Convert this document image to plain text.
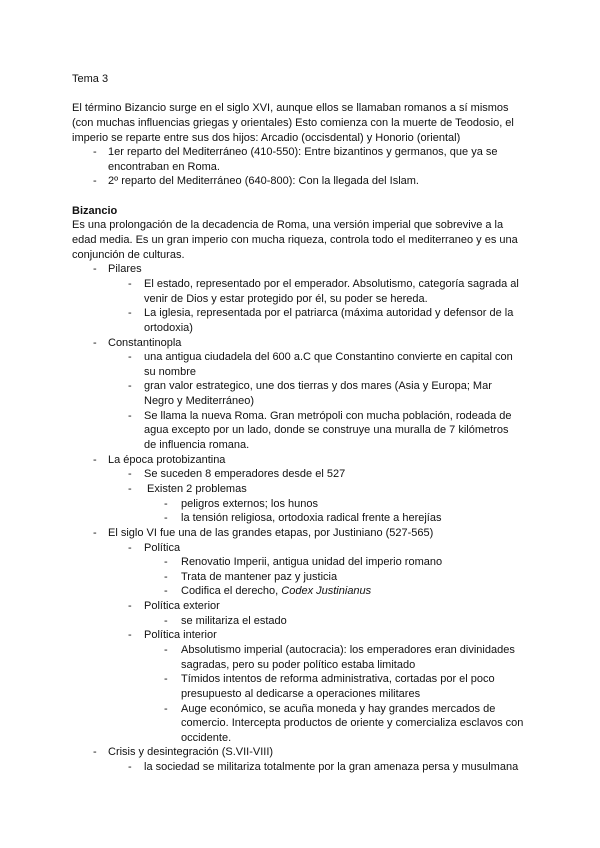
Tema 3
El término Bizancio surge en el siglo XVI, aunque ellos se llamaban romanos a sí mismos
(con muchas influencias griegas y orientales) Esto comienza con la muerte de Teodosio, el
imperio se reparte entre sus dos hijos: Arcadio (occisdental) y Honorio (oriental)
- 1er reparto del Mediterráneo (410-550): Entre bizantinos y germanos, que ya se
encontraban en Roma.
- 2º reparto del Mediterráneo (640-800): Con la llegada del Islam.
Bizancio
Es una prolongación de la decadencia de Roma, una versión imperial que sobrevive a la
edad media. Es un gran imperio con mucha riqueza, controla todo el mediterraneo y es una
conjunción de culturas.
- Pilares
- El estado, representado por el emperador. Absolutismo, categoría sagrada al
venir de Dios y estar protegido por él, su poder se hereda.
- La iglesia, representada por el patriarca (máxima autoridad y defensor de la
ortodoxia)
- Constantinopla
- una antigua ciudadela del 600 a.C que Constantino convierte en capital con
su nombre
- gran valor estrategico, une dos tierras y dos mares (Asia y Europa; Mar
Negro y Mediterráneo)
- Se llama la nueva Roma. Gran metrópoli con mucha población, rodeada de
agua excepto por un lado, donde se construye una muralla de 7 kilómetros
de influencia romana.
- La época protobizantina
- Se suceden 8 emperadores desde el 527
- Existen 2 problemas
- peligros externos; los hunos
- la tensión religiosa, ortodoxia radical frente a herejías
- El siglo VI fue una de las grandes etapas, por Justiniano (527-565)
- Política
- Renovatio Imperii, antigua unidad del imperio romano
- Trata de mantener paz y justicia
- Codifica el derecho, Codex Justinianus
- Política exterior
- se militariza el estado
- Política interior
- Absolutismo imperial (autocracia): los emperadores eran divinidades
sagradas, pero su poder político estaba limitado
- Tímidos intentos de reforma administrativa, cortadas por el poco
presupuesto al dedicarse a operaciones militares
- Auge económico, se acuña moneda y hay grandes mercados de
comercio. Intercepta productos de oriente y comercializa esclavos con
occidente.
- Crisis y desintegración (S.VII-VIII)
- la sociedad se militariza totalmente por la gran amenaza persa y musulmana
